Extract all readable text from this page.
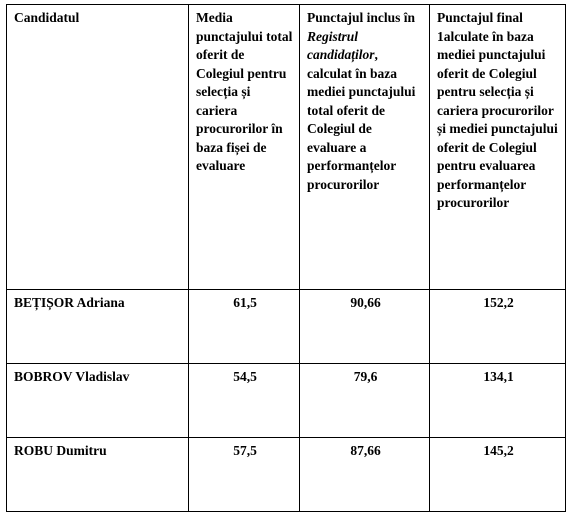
Candidatul	Media punctajului total oferit de Colegiul pentru selecția și cariera procurorilor în baza fișei de evaluare	Punctajul inclus în Registrul candidaților, calculat în baza mediei punctajului total oferit de Colegiul de evaluare a performanțelor procurorilor	Punctajul final 1alculate în baza mediei punctajului oferit de Colegiul pentru selecția și cariera procurorilor și mediei punctajului oferit de Colegiul pentru evaluarea performanțelor procurorilor
BEȚIȘOR Adriana	61,5	90,66	152,2
BOBROV Vladislav	54,5	79,6	134,1
ROBU Dumitru	57,5	87,66	145,2
